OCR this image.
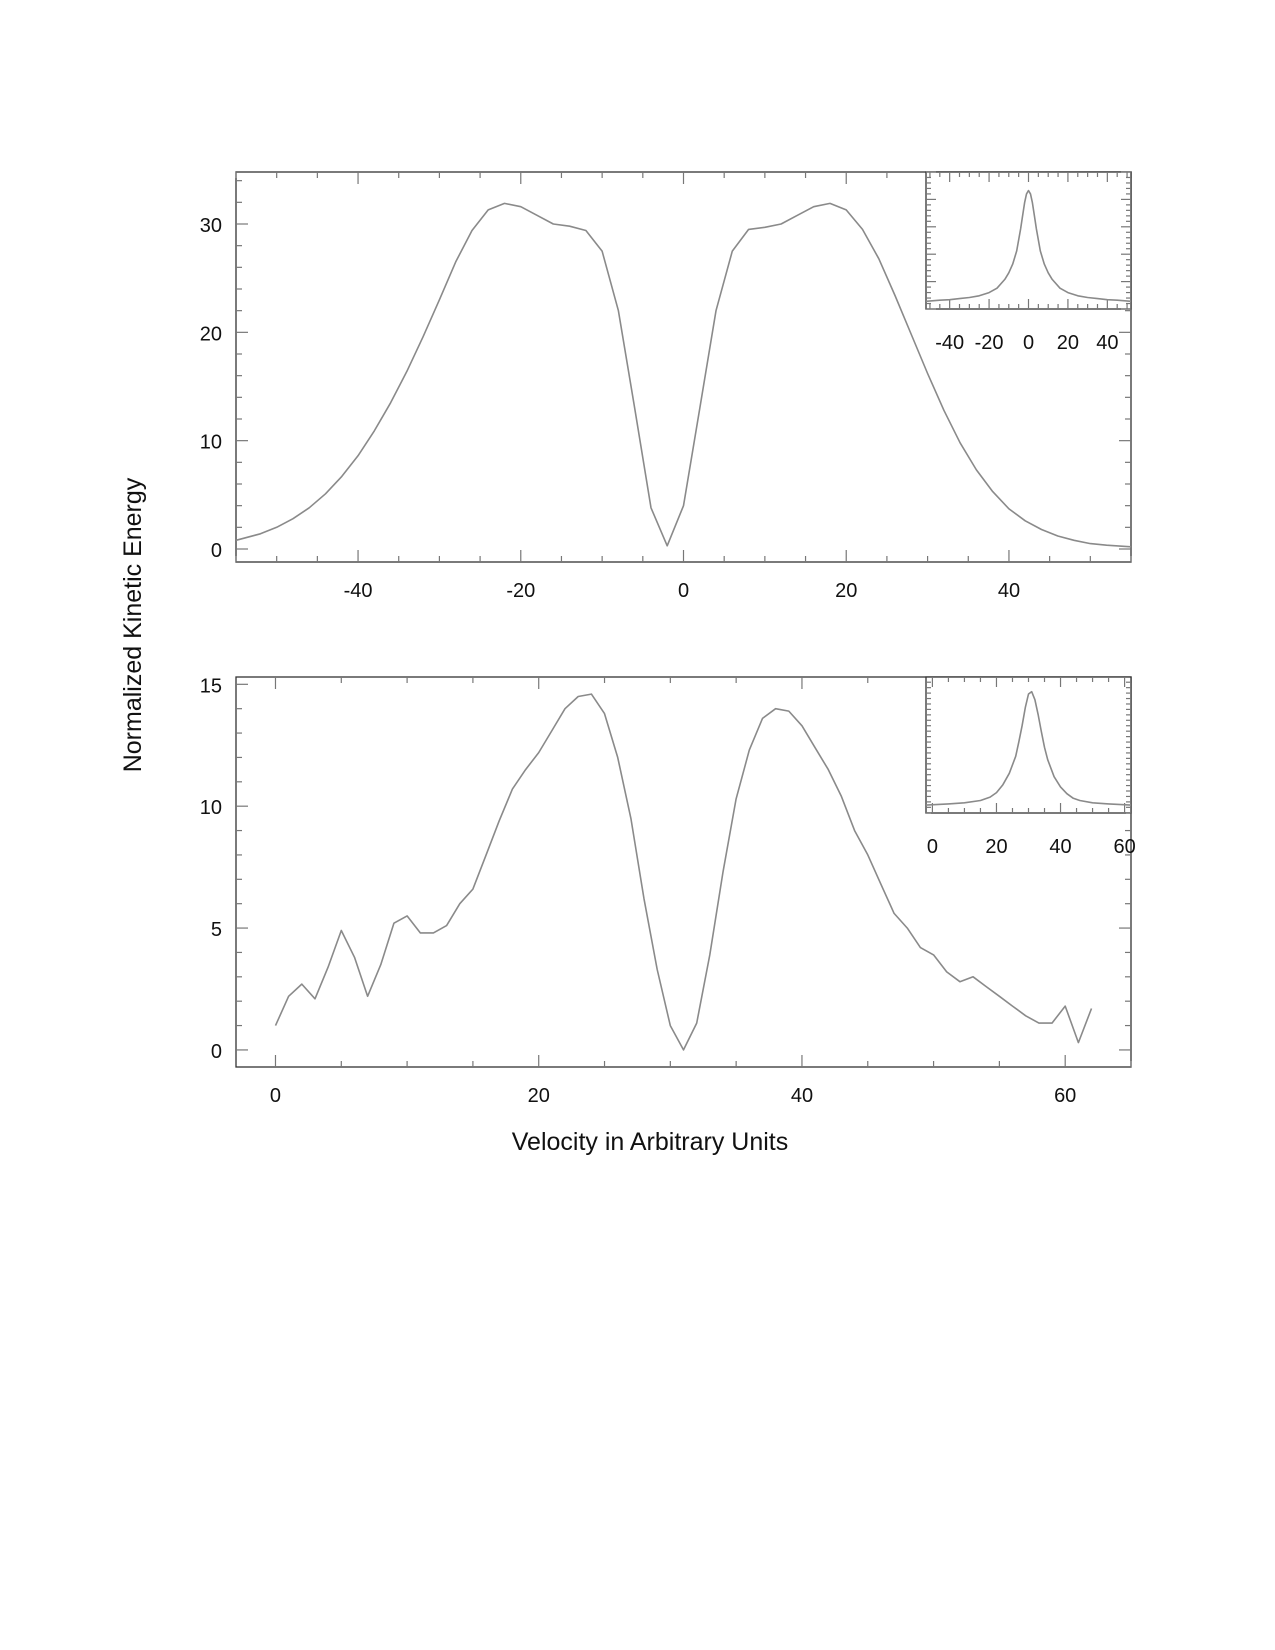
-40	-20	0	20	40
0
10
20
30
-40 -20 0 20 40
0	20	40	60
0
5
10
15
0 20 40 60
Normalized Kinetic Energy
Velocity in Arbitrary Units
